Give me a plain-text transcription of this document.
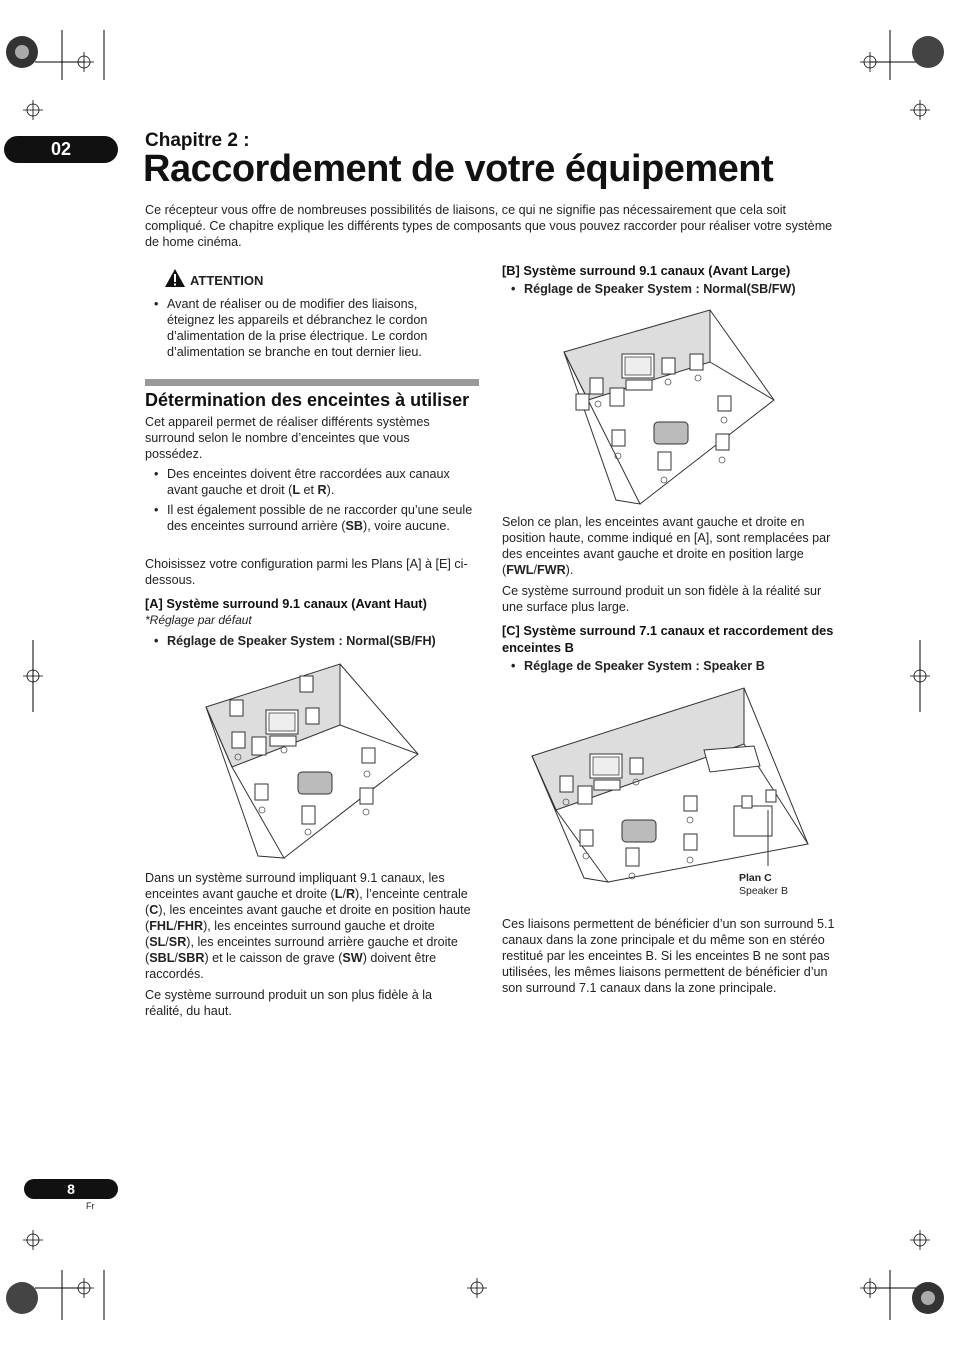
02	Chapitre 2 :
Raccordement de votre équipement

Ce récepteur vous offre de nombreuses possibilités de liaisons, ce qui ne signifie pas nécessairement que cela soit compliqué. Ce chapitre explique les différents types de composants que vous pouvez raccorder pour réaliser votre système de home cinéma.

ATTENTION
• Avant de réaliser ou de modifier des liaisons, éteignez les appareils et débranchez le cordon d’alimentation de la prise électrique. Le cordon d’alimentation se branche en tout dernier lieu.
Détermination des enceintes à utiliser

Cet appareil permet de réaliser différents systèmes surround selon le nombre d’enceintes que vous possédez.

• Des enceintes doivent être raccordées aux canaux avant gauche et droit (L et R).
• Il est également possible de ne raccorder qu’une seule des enceintes surround arrière (SB), voire aucune.

Choisissez votre configuration parmi les Plans [A] à [E] ci-dessous.

[A] Système surround 9.1 canaux (Avant Haut)
*Réglage par défaut
• Réglage de Speaker System : Normal(SB/FH)

Dans un système surround impliquant 9.1 canaux, les enceintes avant gauche et droite (L/R), l’enceinte centrale (C), les enceintes avant gauche et droite en position haute (FHL/FHR), les enceintes surround gauche et droite (SL/SR), les enceintes surround arrière gauche et droite (SBL/SBR) et le caisson de grave (SW) doivent être raccordés.

Ce système surround produit un son plus fidèle à la réalité, du haut.

[B] Système surround 9.1 canaux (Avant Large)
• Réglage de Speaker System : Normal(SB/FW)

Selon ce plan, les enceintes avant gauche et droite en position haute, comme indiqué en [A], sont remplacées par des enceintes avant gauche et droite en position large (FWL/FWR).

Ce système surround produit un son fidèle à la réalité sur une surface plus large.

[C] Système surround 7.1 canaux et raccordement des enceintes B
• Réglage de Speaker System : Speaker B
Plan C
Speaker B

Ces liaisons permettent de bénéficier d’un son surround 5.1 canaux dans la zone principale et du même son en stéréo restitué par les enceintes B. Si les enceintes B ne sont pas utilisées, les mêmes liaisons permettent de bénéficier d’un son surround 7.1 canaux dans la zone principale.

8
Fr
